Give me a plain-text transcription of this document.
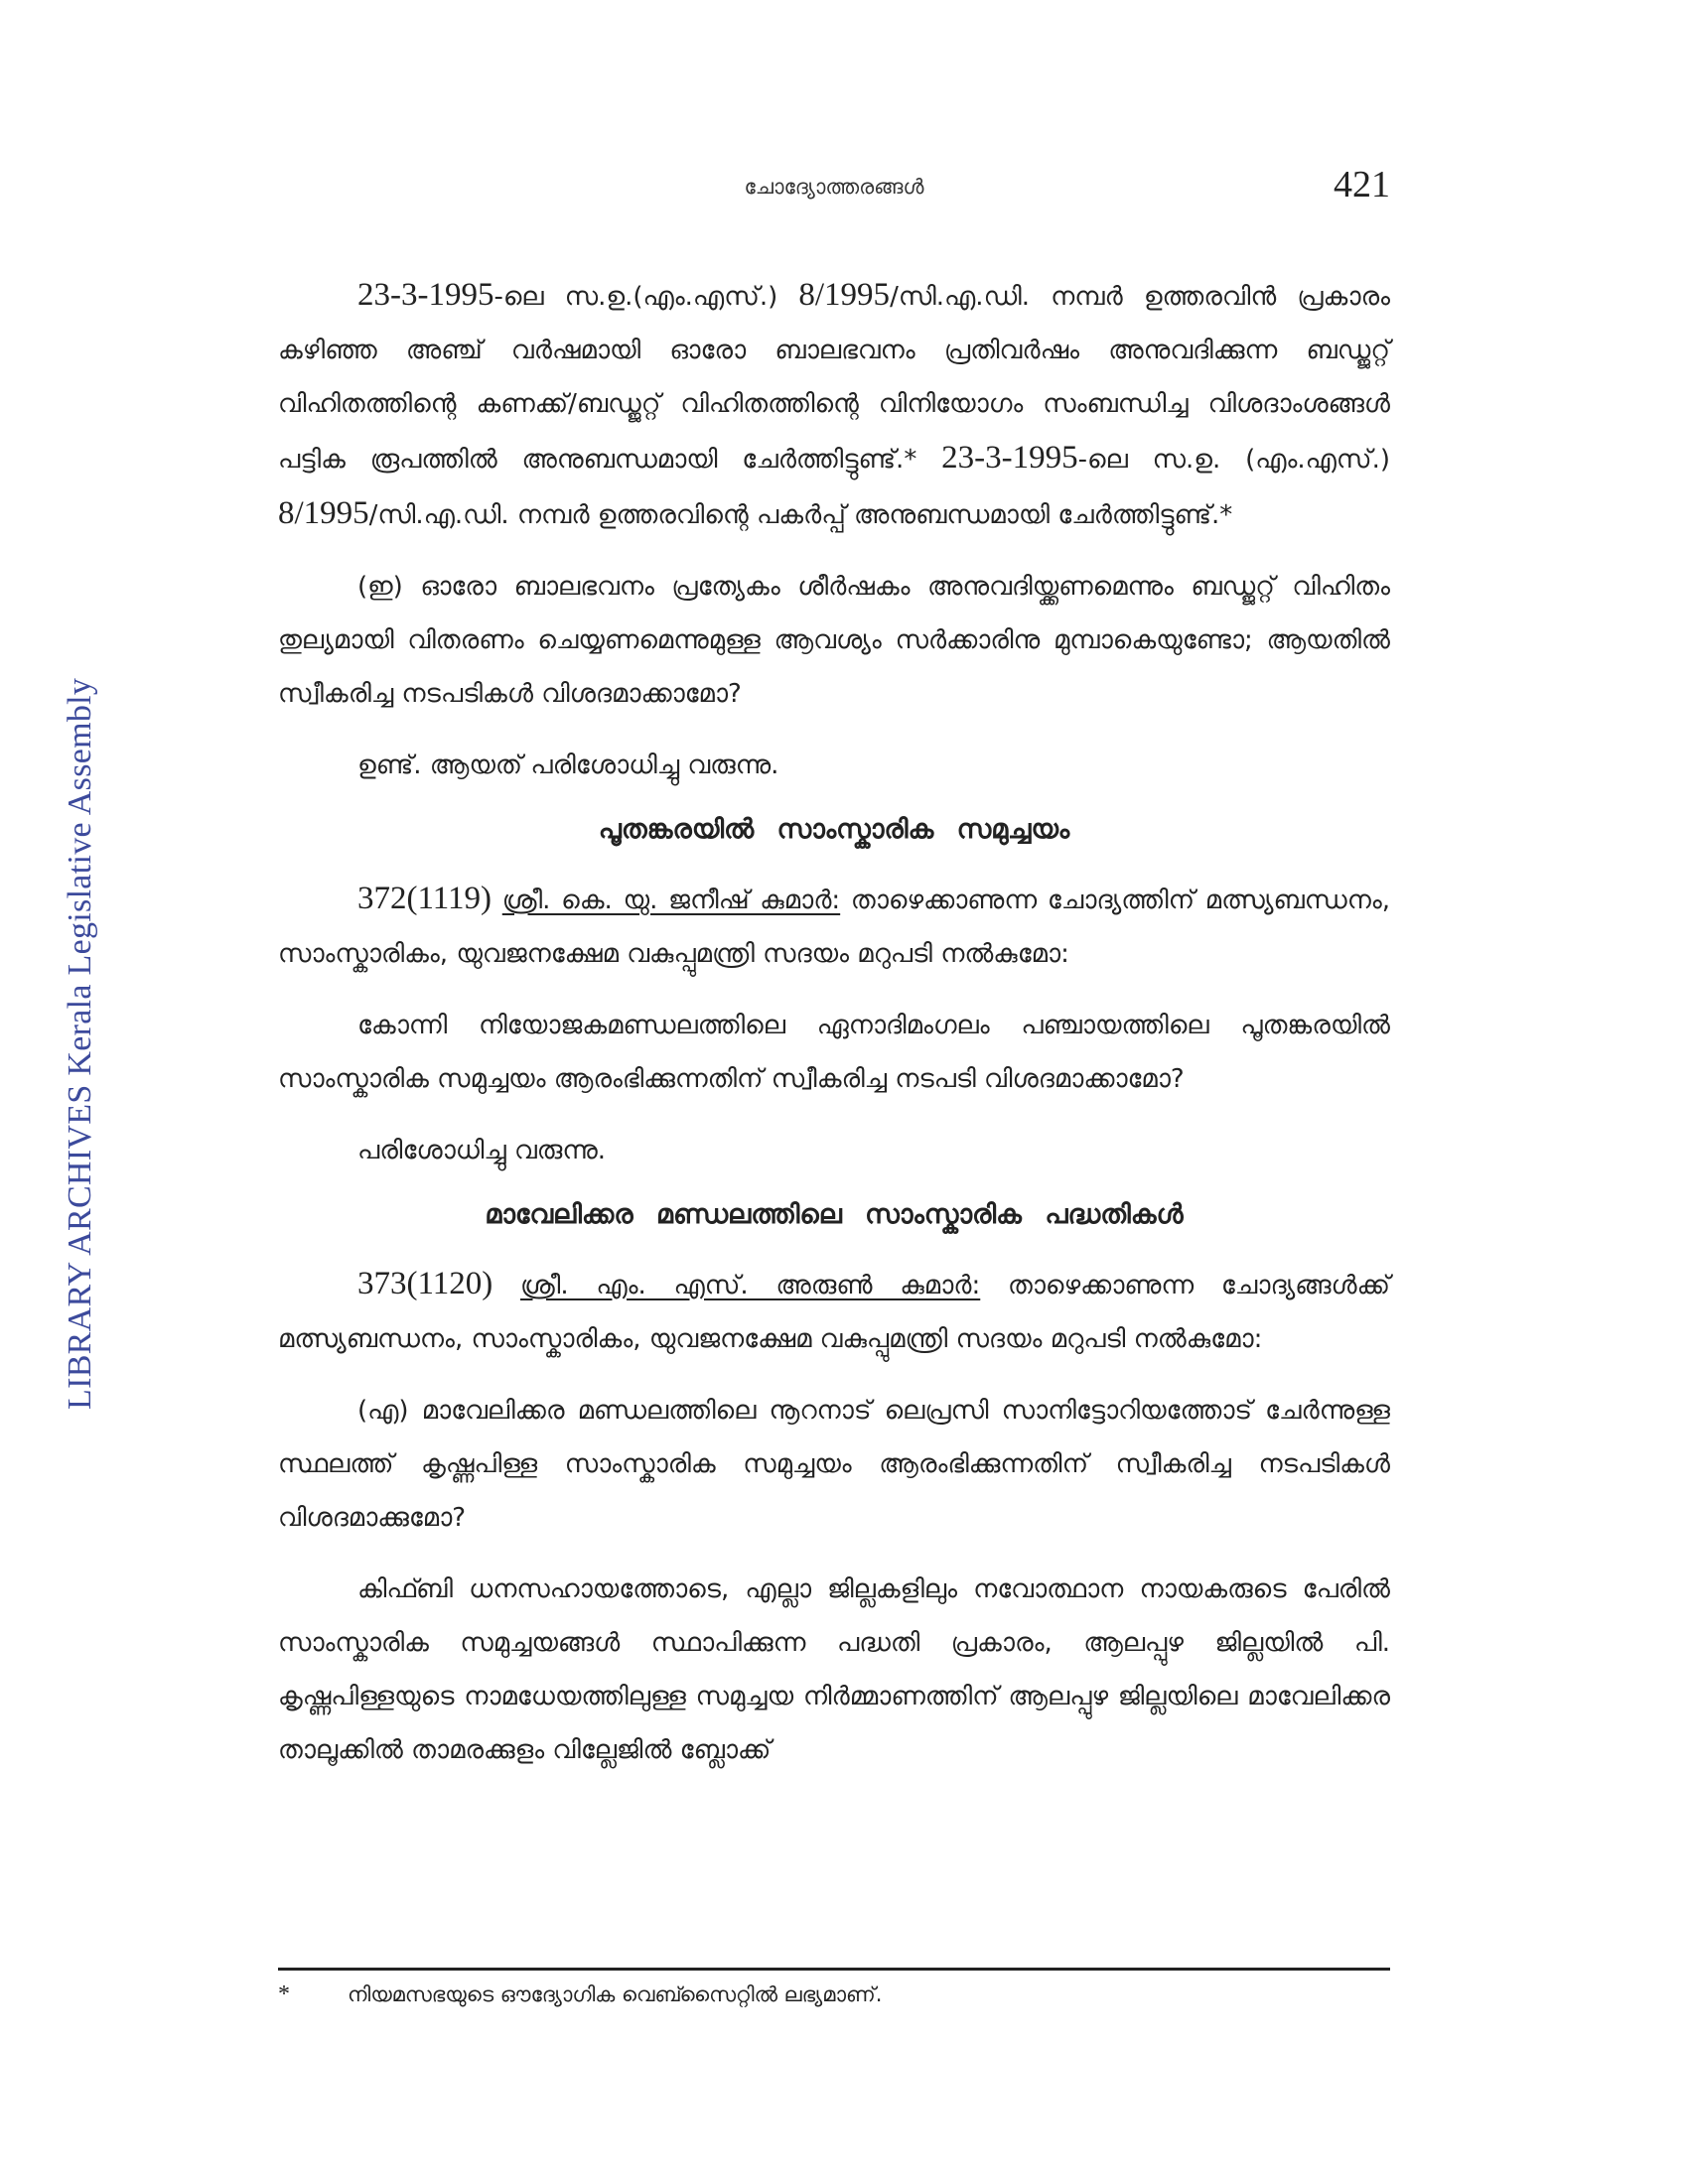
LIBRARY ARCHIVES Kerala Legislative Assembly
ചോദ്യോത്തരങ്ങൾ	421

23-3-1995-ലെ സ.ഉ.(എം.എസ്.) 8/1995/സി.എ.ഡി. നമ്പർ ഉത്തരവിൻ പ്രകാരം കഴിഞ്ഞ അഞ്ച് വർഷമായി ഓരോ ബാലഭവനം പ്രതിവർഷം അനുവദിക്കുന്ന ബഡ്ജറ്റ് വിഹിതത്തിന്റെ കണക്ക്/ബഡ്ജറ്റ് വിഹിതത്തിന്റെ വിനിയോഗം സംബന്ധിച്ച വിശദാംശങ്ങൾ പട്ടിക രൂപത്തിൽ അനുബന്ധമായി ചേർത്തിട്ടുണ്ട്.* 23-3-1995-ലെ സ.ഉ. (എം.എസ്.) 8/1995/സി.എ.ഡി. നമ്പർ ഉത്തരവിന്റെ പകർപ്പ് അനുബന്ധമായി ചേർത്തിട്ടുണ്ട്.*

(ഇ) ഓരോ ബാലഭവനം പ്രത്യേകം ശീർഷകം അനുവദിയ്ക്കണമെന്നും ബഡ്ജറ്റ് വിഹിതം തുല്യമായി വിതരണം ചെയ്യണമെന്നുമുള്ള ആവശ്യം സർക്കാരിനു മുമ്പാകെയുണ്ടോ; ആയതിൽ സ്വീകരിച്ച നടപടികൾ വിശദമാക്കാമോ?

ഉണ്ട്. ആയത് പരിശോധിച്ചു വരുന്നു.

പൂതങ്കരയിൽ സാംസ്കാരിക സമുച്ചയം

372(1119) ശ്രീ. കെ. യു. ജനീഷ് കുമാർ: താഴെക്കാണുന്ന ചോദ്യത്തിന് മത്സ്യബന്ധനം, സാംസ്കാരികം, യുവജനക്ഷേമ വകുപ്പുമന്ത്രി സദയം മറുപടി നൽകുമോ:

കോന്നി നിയോജകമണ്ഡലത്തിലെ ഏനാദിമംഗലം പഞ്ചായത്തിലെ പൂതങ്കരയിൽ സാംസ്കാരിക സമുച്ചയം ആരംഭിക്കുന്നതിന് സ്വീകരിച്ച നടപടി വിശദമാക്കാമോ?

പരിശോധിച്ചു വരുന്നു.

മാവേലിക്കര മണ്ഡലത്തിലെ സാംസ്കാരിക പദ്ധതികൾ

373(1120) ശ്രീ. എം. എസ്. അരുൺ കുമാർ: താഴെക്കാണുന്ന ചോദ്യങ്ങൾക്ക് മത്സ്യബന്ധനം, സാംസ്കാരികം, യുവജനക്ഷേമ വകുപ്പുമന്ത്രി സദയം മറുപടി നൽകുമോ:

(എ) മാവേലിക്കര മണ്ഡലത്തിലെ നൂറനാട് ലെപ്രസി സാനിട്ടോറിയത്തോട് ചേർന്നുള്ള സ്ഥലത്ത് കൃഷ്ണപിള്ള സാംസ്കാരിക സമുച്ചയം ആരംഭിക്കുന്നതിന് സ്വീകരിച്ച നടപടികൾ വിശദമാക്കുമോ?

കിഫ്ബി ധനസഹായത്തോടെ, എല്ലാ ജില്ലകളിലും നവോത്ഥാന നായകരുടെ പേരിൽ സാംസ്കാരിക സമുച്ചയങ്ങൾ സ്ഥാപിക്കുന്ന പദ്ധതി പ്രകാരം, ആലപ്പുഴ ജില്ലയിൽ പി. കൃഷ്ണപിള്ളയുടെ നാമധേയത്തിലുള്ള സമുച്ചയ നിർമ്മാണത്തിന് ആലപ്പുഴ ജില്ലയിലെ മാവേലിക്കര താലൂക്കിൽ താമരക്കുളം വില്ലേജിൽ ബ്ലോക്ക്

*	നിയമസഭയുടെ ഔദ്യോഗിക വെബ്സൈറ്റിൽ ലഭ്യമാണ്.
